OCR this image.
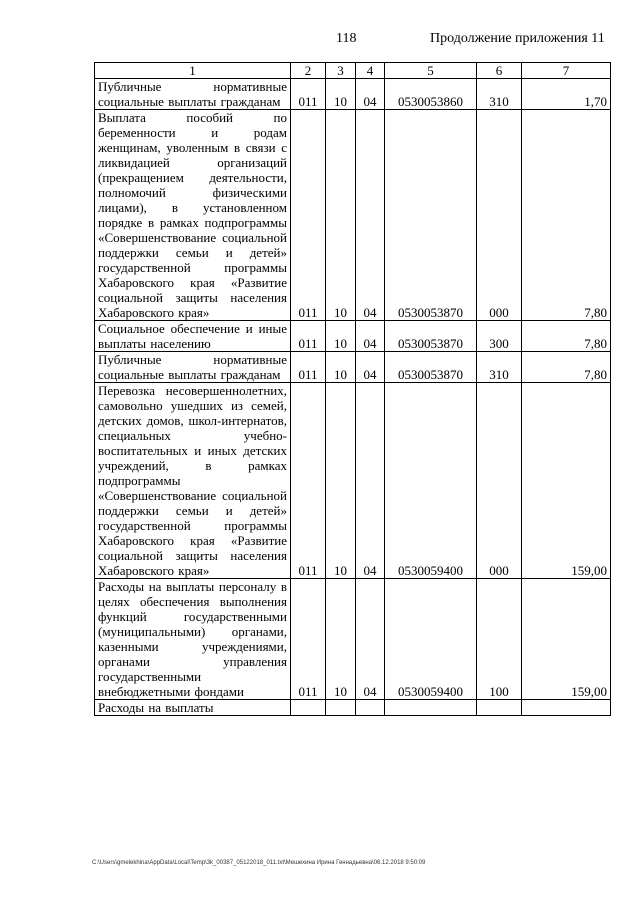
118	Продолжение приложения 11
1	2	3	4	5	6	7
Публичные нормативные социальные выплаты гражданам	011	10	04	0530053860	310	1,70
Выплата пособий по беременности и родам женщинам, уволенным в связи с ликвидацией организаций (прекращением деятельности, полномочий физическими лицами), в установленном порядке в рамках подпрограммы «Совершенствование социальной поддержки семьи и детей» государственной программы Хабаровского края «Развитие социальной защиты населения Хабаровского края»	011	10	04	0530053870	000	7,80
Социальное обеспечение и иные выплаты населению	011	10	04	0530053870	300	7,80
Публичные нормативные социальные выплаты гражданам	011	10	04	0530053870	310	7,80
Перевозка несовершеннолетних, самовольно ушедших из семей, детских домов, школ-интернатов, специальных учебно-воспитательных и иных детских учреждений, в рамках подпрограммы «Совершенствование социальной поддержки семьи и детей» государственной программы Хабаровского края «Развитие социальной защиты населения Хабаровского края»	011	10	04	0530059400	000	159,00
Расходы на выплаты персоналу в целях обеспечения выполнения функций государственными (муниципальными) органами, казенными учреждениями, органами управления государственными внебюджетными фондами	011	10	04	0530059400	100	159,00
Расходы на выплаты						
C:\Users\gmelekhina\AppData\Local\Temp\3k_00387_05122018_011.txt\Мешехина Ирина Геннадьевна\06.12.2018 9:50:09
